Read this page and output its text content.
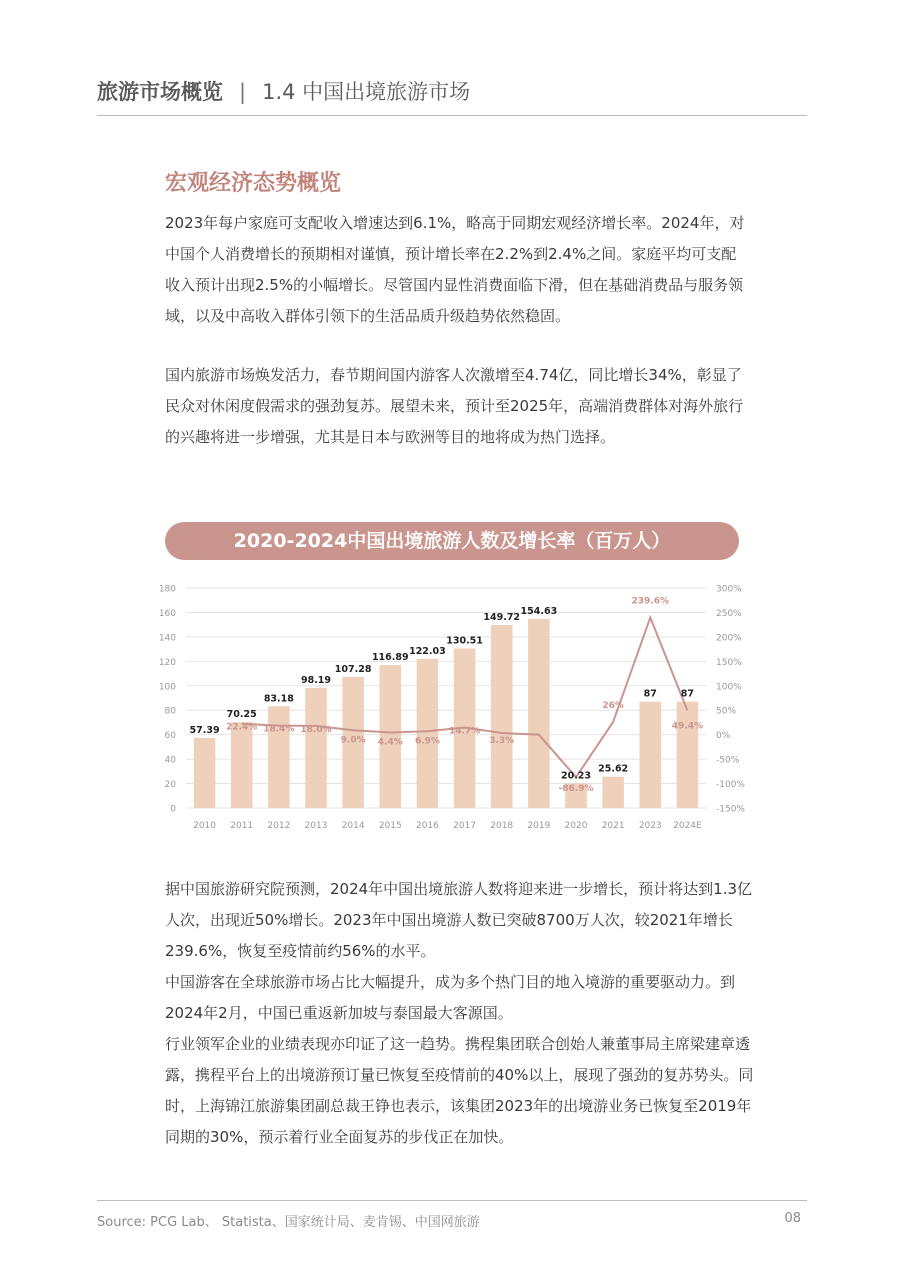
旅游市场概览 | 1.4 中国出境旅游市场
宏观经济态势概览

2023年每户家庭可支配收入增速达到6.1%，略高于同期宏观经济增长率。2024年，对中国个人消费增长的预期相对谨慎，预计增长率在2.2%到2.4%之间。家庭平均可支配收入预计出现2.5%的小幅增长。尽管国内显性消费面临下滑，但在基础消费品与服务领域，以及中高收入群体引领下的生活品质升级趋势依然稳固。

国内旅游市场焕发活力，春节期间国内游客人次激增至4.74亿，同比增长34%，彰显了民众对休闲度假需求的强劲复苏。展望未来，预计至2025年，高端消费群体对海外旅行的兴趣将进一步增强，尤其是日本与欧洲等目的地将成为热门选择。

2020-2024中国出境旅游人数及增长率（百万人）
0
20
40
60
80
100
120
140
160
180
-150%
-100%
-50%
0%
50%
100%
150%
200%
250%
300%
2010 2011 2012 2013 2014 2015 2016 2017 2018 2019 2020 2021 2023 2024E
57.39
70.25
83.18
98.19
107.28
116.89
122.03
130.51
149.72
154.63
20.23
25.62
87	87
22.4% 18.4% 18.0%
9.0% 4.4% 6.9%
14.7%
3.3%
-86.9%
26%
239.6%
49.4%

据中国旅游研究院预测，2024年中国出境旅游人数将迎来进一步增长，预计将达到1.3亿人次，出现近50%增长。2023年中国出境游人数已突破8700万人次，较2021年增长239.6%，恢复至疫情前约56%的水平。

中国游客在全球旅游市场占比大幅提升，成为多个热门目的地入境游的重要驱动力。到2024年2月，中国已重返新加坡与泰国最大客源国。

行业领军企业的业绩表现亦印证了这一趋势。携程集团联合创始人兼董事局主席梁建章透露，携程平台上的出境游预订量已恢复至疫情前的40%以上，展现了强劲的复苏势头。同时，上海锦江旅游集团副总裁王铮也表示，该集团2023年的出境游业务已恢复至2019年同期的30%，预示着行业全面复苏的步伐正在加快。

Source: PCG Lab、 Statista、国家统计局、麦肯锡、中国网旅游	08
